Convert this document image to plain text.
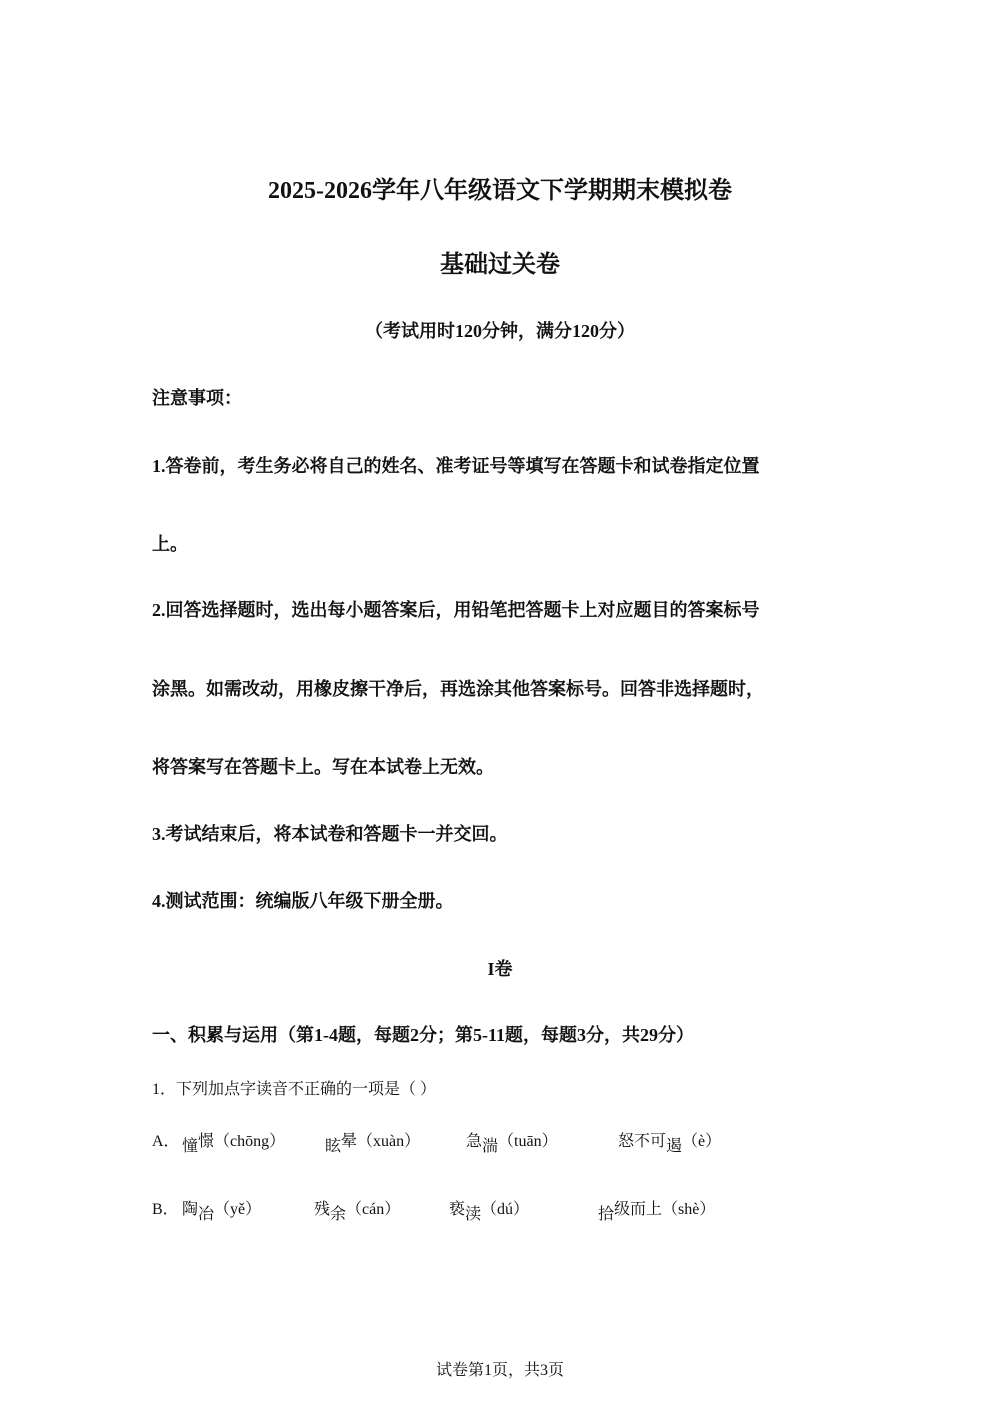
2025-2026学年八年级语文下学期期末模拟卷
基础过关卷
（考试用时120分钟，满分120分）
注意事项：
1.答卷前，考生务必将自己的姓名、准考证号等填写在答题卡和试卷指定位置
上。
2.回答选择题时，选出每小题答案后，用铅笔把答题卡上对应题目的答案标号
涂黑。如需改动，用橡皮擦干净后，再选涂其他答案标号。回答非选择题时，
将答案写在答题卡上。写在本试卷上无效。
3.考试结束后，将本试卷和答题卡一并交回。
4.测试范围：统编版八年级下册全册。
I卷
一、积累与运用（第1-4题，每题2分；第5-11题，每题3分，共29分）
1．下列加点字读音不正确的一项是（ ）
A． 憧憬（chōng） 眩晕（xuàn）	急湍（tuān）	怒不可遏（è）
B． 陶冶（yě）	残余（cán）	亵渎（dú）	拾级而上（shè）
试卷第1页，共3页
